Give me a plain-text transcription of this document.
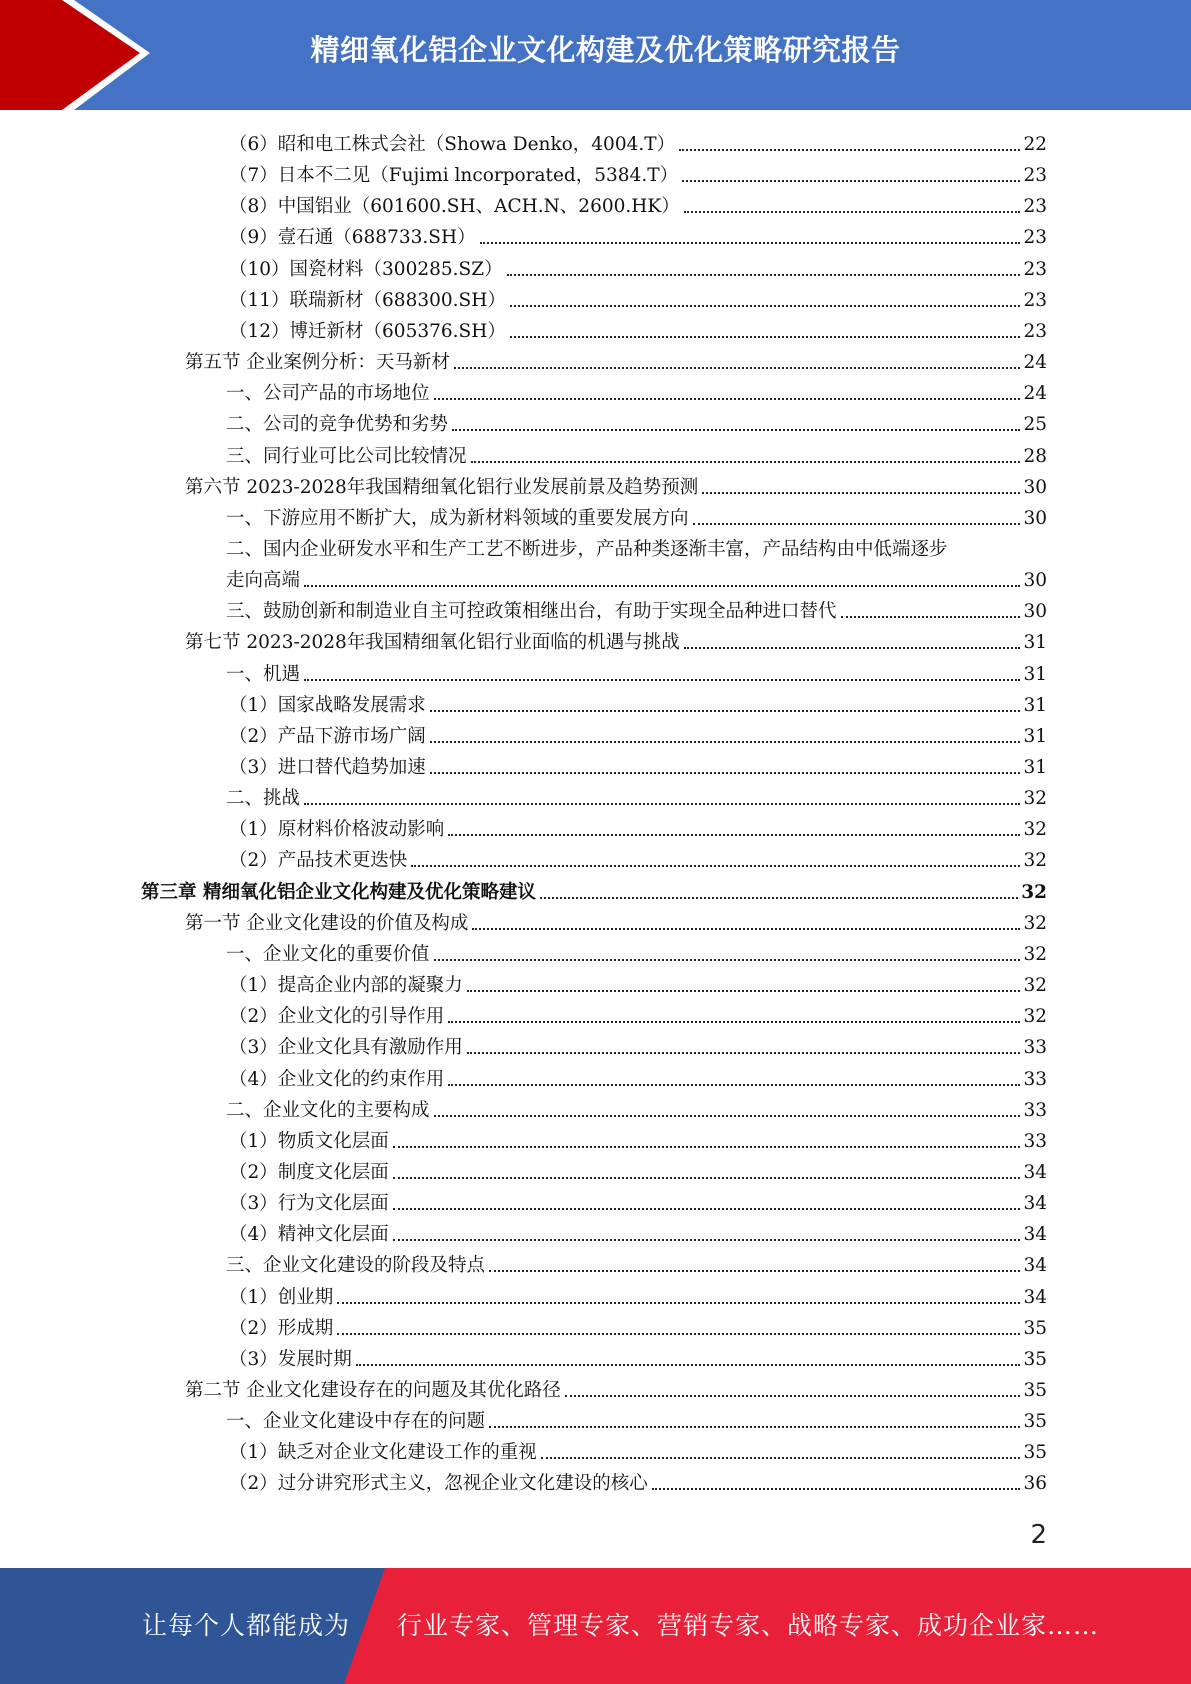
精细氧化铝企业文化构建及优化策略研究报告
（6）昭和电工株式会社（Showa Denko，4004.T）	22
（7）日本不二见（Fujimi lncorporated，5384.T）	23
（8）中国铝业（601600.SH、ACH.N、2600.HK）	23
（9）壹石通（688733.SH）	23
（10）国瓷材料（300285.SZ）	23
（11）联瑞新材（688300.SH）	23
（12）博迁新材（605376.SH）	23
第五节 企业案例分析：天马新材	24
一、公司产品的市场地位	24
二、公司的竞争优势和劣势	25
三、同行业可比公司比较情况	28
第六节 2023-2028年我国精细氧化铝行业发展前景及趋势预测	30
一、下游应用不断扩大，成为新材料领域的重要发展方向	30
二、国内企业研发水平和生产工艺不断进步，产品种类逐渐丰富，产品结构由中低端逐步
走向高端	30
三、鼓励创新和制造业自主可控政策相继出台，有助于实现全品种进口替代	30
第七节 2023-2028年我国精细氧化铝行业面临的机遇与挑战	31
一、机遇	31
（1）国家战略发展需求	31
（2）产品下游市场广阔	31
（3）进口替代趋势加速	31
二、挑战	32
（1）原材料价格波动影响	32
（2）产品技术更迭快	32
第三章 精细氧化铝企业文化构建及优化策略建议	32
第一节 企业文化建设的价值及构成	32
一、企业文化的重要价值	32
（1）提高企业内部的凝聚力	32
（2）企业文化的引导作用	32
（3）企业文化具有激励作用	33
（4）企业文化的约束作用	33
二、企业文化的主要构成	33
（1）物质文化层面	33
（2）制度文化层面	34
（3）行为文化层面	34
（4）精神文化层面	34
三、企业文化建设的阶段及特点	34
（1）创业期	34
（2）形成期	35
（3）发展时期	35
第二节 企业文化建设存在的问题及其优化路径	35
一、企业文化建设中存在的问题	35
（1）缺乏对企业文化建设工作的重视	35
（2）过分讲究形式主义，忽视企业文化建设的核心	36
2
让每个人都能成为 行业专家、管理专家、营销专家、战略专家、成功企业家……
